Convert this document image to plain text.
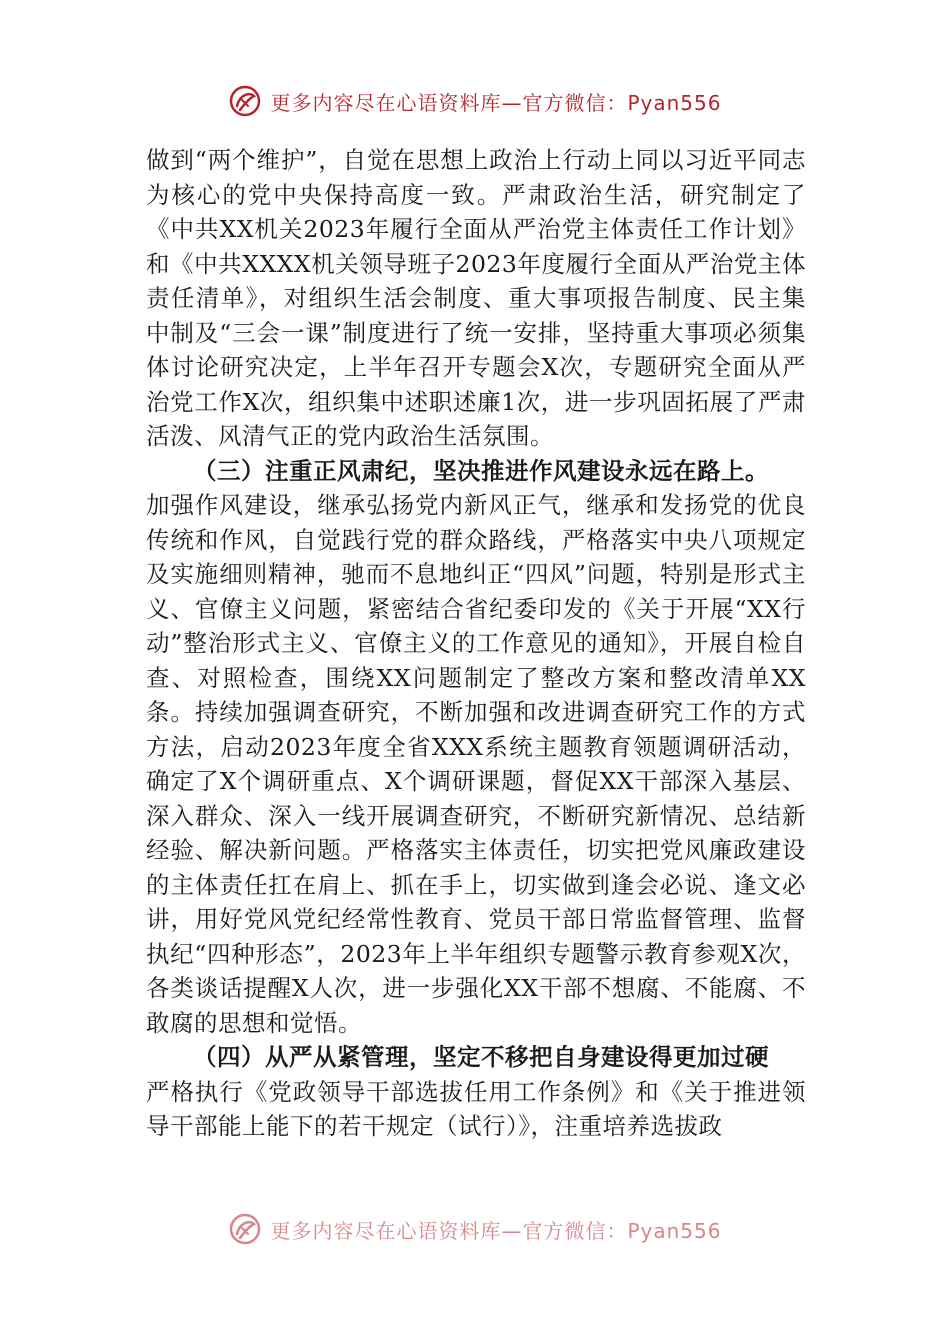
更多内容尽在心语资料库—官方微信：Pyan556

做到“两个维护”，自觉在思想上政治上行动上同以习近平同志为核心的党中央保持高度一致。严肃政治生活，研究制定了《中共XX机关2023年履行全面从严治党主体责任工作计划》和《中共XXXX机关领导班子2023年度履行全面从严治党主体责任清单》，对组织生活会制度、重大事项报告制度、民主集中制及“三会一课”制度进行了统一安排，坚持重大事项必须集体讨论研究决定，上半年召开专题会X次，专题研究全面从严治党工作X次，组织集中述职述廉1次，进一步巩固拓展了严肃活泼、风清气正的党内政治生活氛围。

（三）注重正风肃纪，坚决推进作风建设永远在路上。

加强作风建设，继承弘扬党内新风正气，继承和发扬党的优良传统和作风，自觉践行党的群众路线，严格落实中央八项规定及实施细则精神，驰而不息地纠正“四风”问题，特别是形式主义、官僚主义问题，紧密结合省纪委印发的《关于开展“XX行动”整治形式主义、官僚主义的工作意见的通知》，开展自检自查、对照检查，围绕XX问题制定了整改方案和整改清单XX条。持续加强调查研究，不断加强和改进调查研究工作的方式方法，启动2023年度全省XXX系统主题教育领题调研活动，确定了X个调研重点、X个调研课题，督促XX干部深入基层、深入群众、深入一线开展调查研究，不断研究新情况、总结新经验、解决新问题。严格落实主体责任，切实把党风廉政建设的主体责任扛在肩上、抓在手上，切实做到逢会必说、逢文必讲，用好党风党纪经常性教育、党员干部日常监督管理、监督执纪“四种形态”，2023年上半年组织专题警示教育参观X次，各类谈话提醒X人次，进一步强化XX干部不想腐、不能腐、不敢腐的思想和觉悟。

（四）从严从紧管理，坚定不移把自身建设得更加过硬

严格执行《党政领导干部选拔任用工作条例》和《关于推进领导干部能上能下的若干规定（试行）》，注重培养选拔政

更多内容尽在心语资料库—官方微信：Pyan556
